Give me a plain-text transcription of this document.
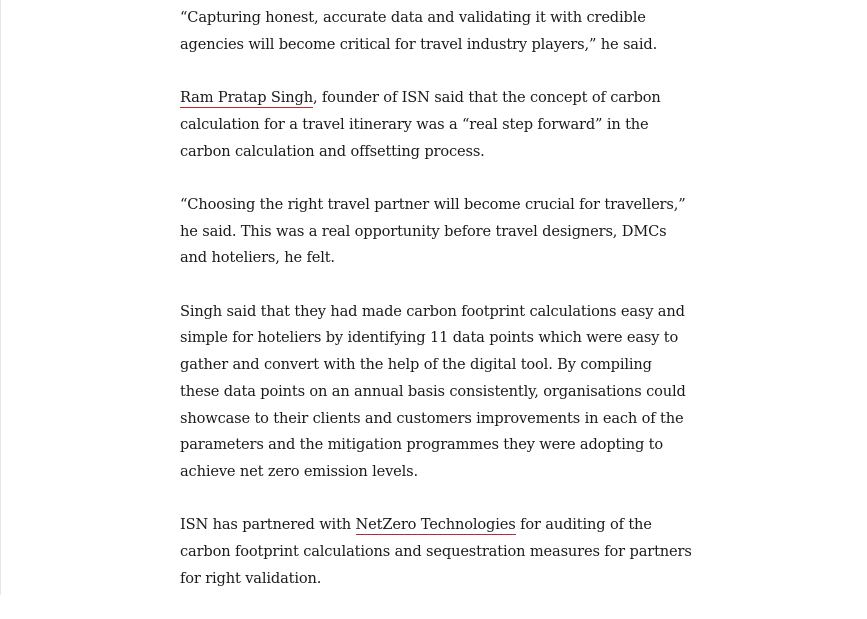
“Capturing honest, accurate data and validating it with credible agencies will become critical for travel industry players,” he said.

Ram Pratap Singh, founder of ISN said that the concept of carbon calculation for a travel itinerary was a “real step forward” in the carbon calculation and offsetting process.

“Choosing the right travel partner will become crucial for travellers,” he said. This was a real opportunity before travel designers, DMCs and hoteliers, he felt.

Singh said that they had made carbon footprint calculations easy and simple for hoteliers by identifying 11 data points which were easy to gather and convert with the help of the digital tool. By compiling these data points on an annual basis consistently, organisations could showcase to their clients and customers improvements in each of the parameters and the mitigation programmes they were adopting to achieve net zero emission levels.

ISN has partnered with NetZero Technologies for auditing of the carbon footprint calculations and sequestration measures for partners for right validation.
